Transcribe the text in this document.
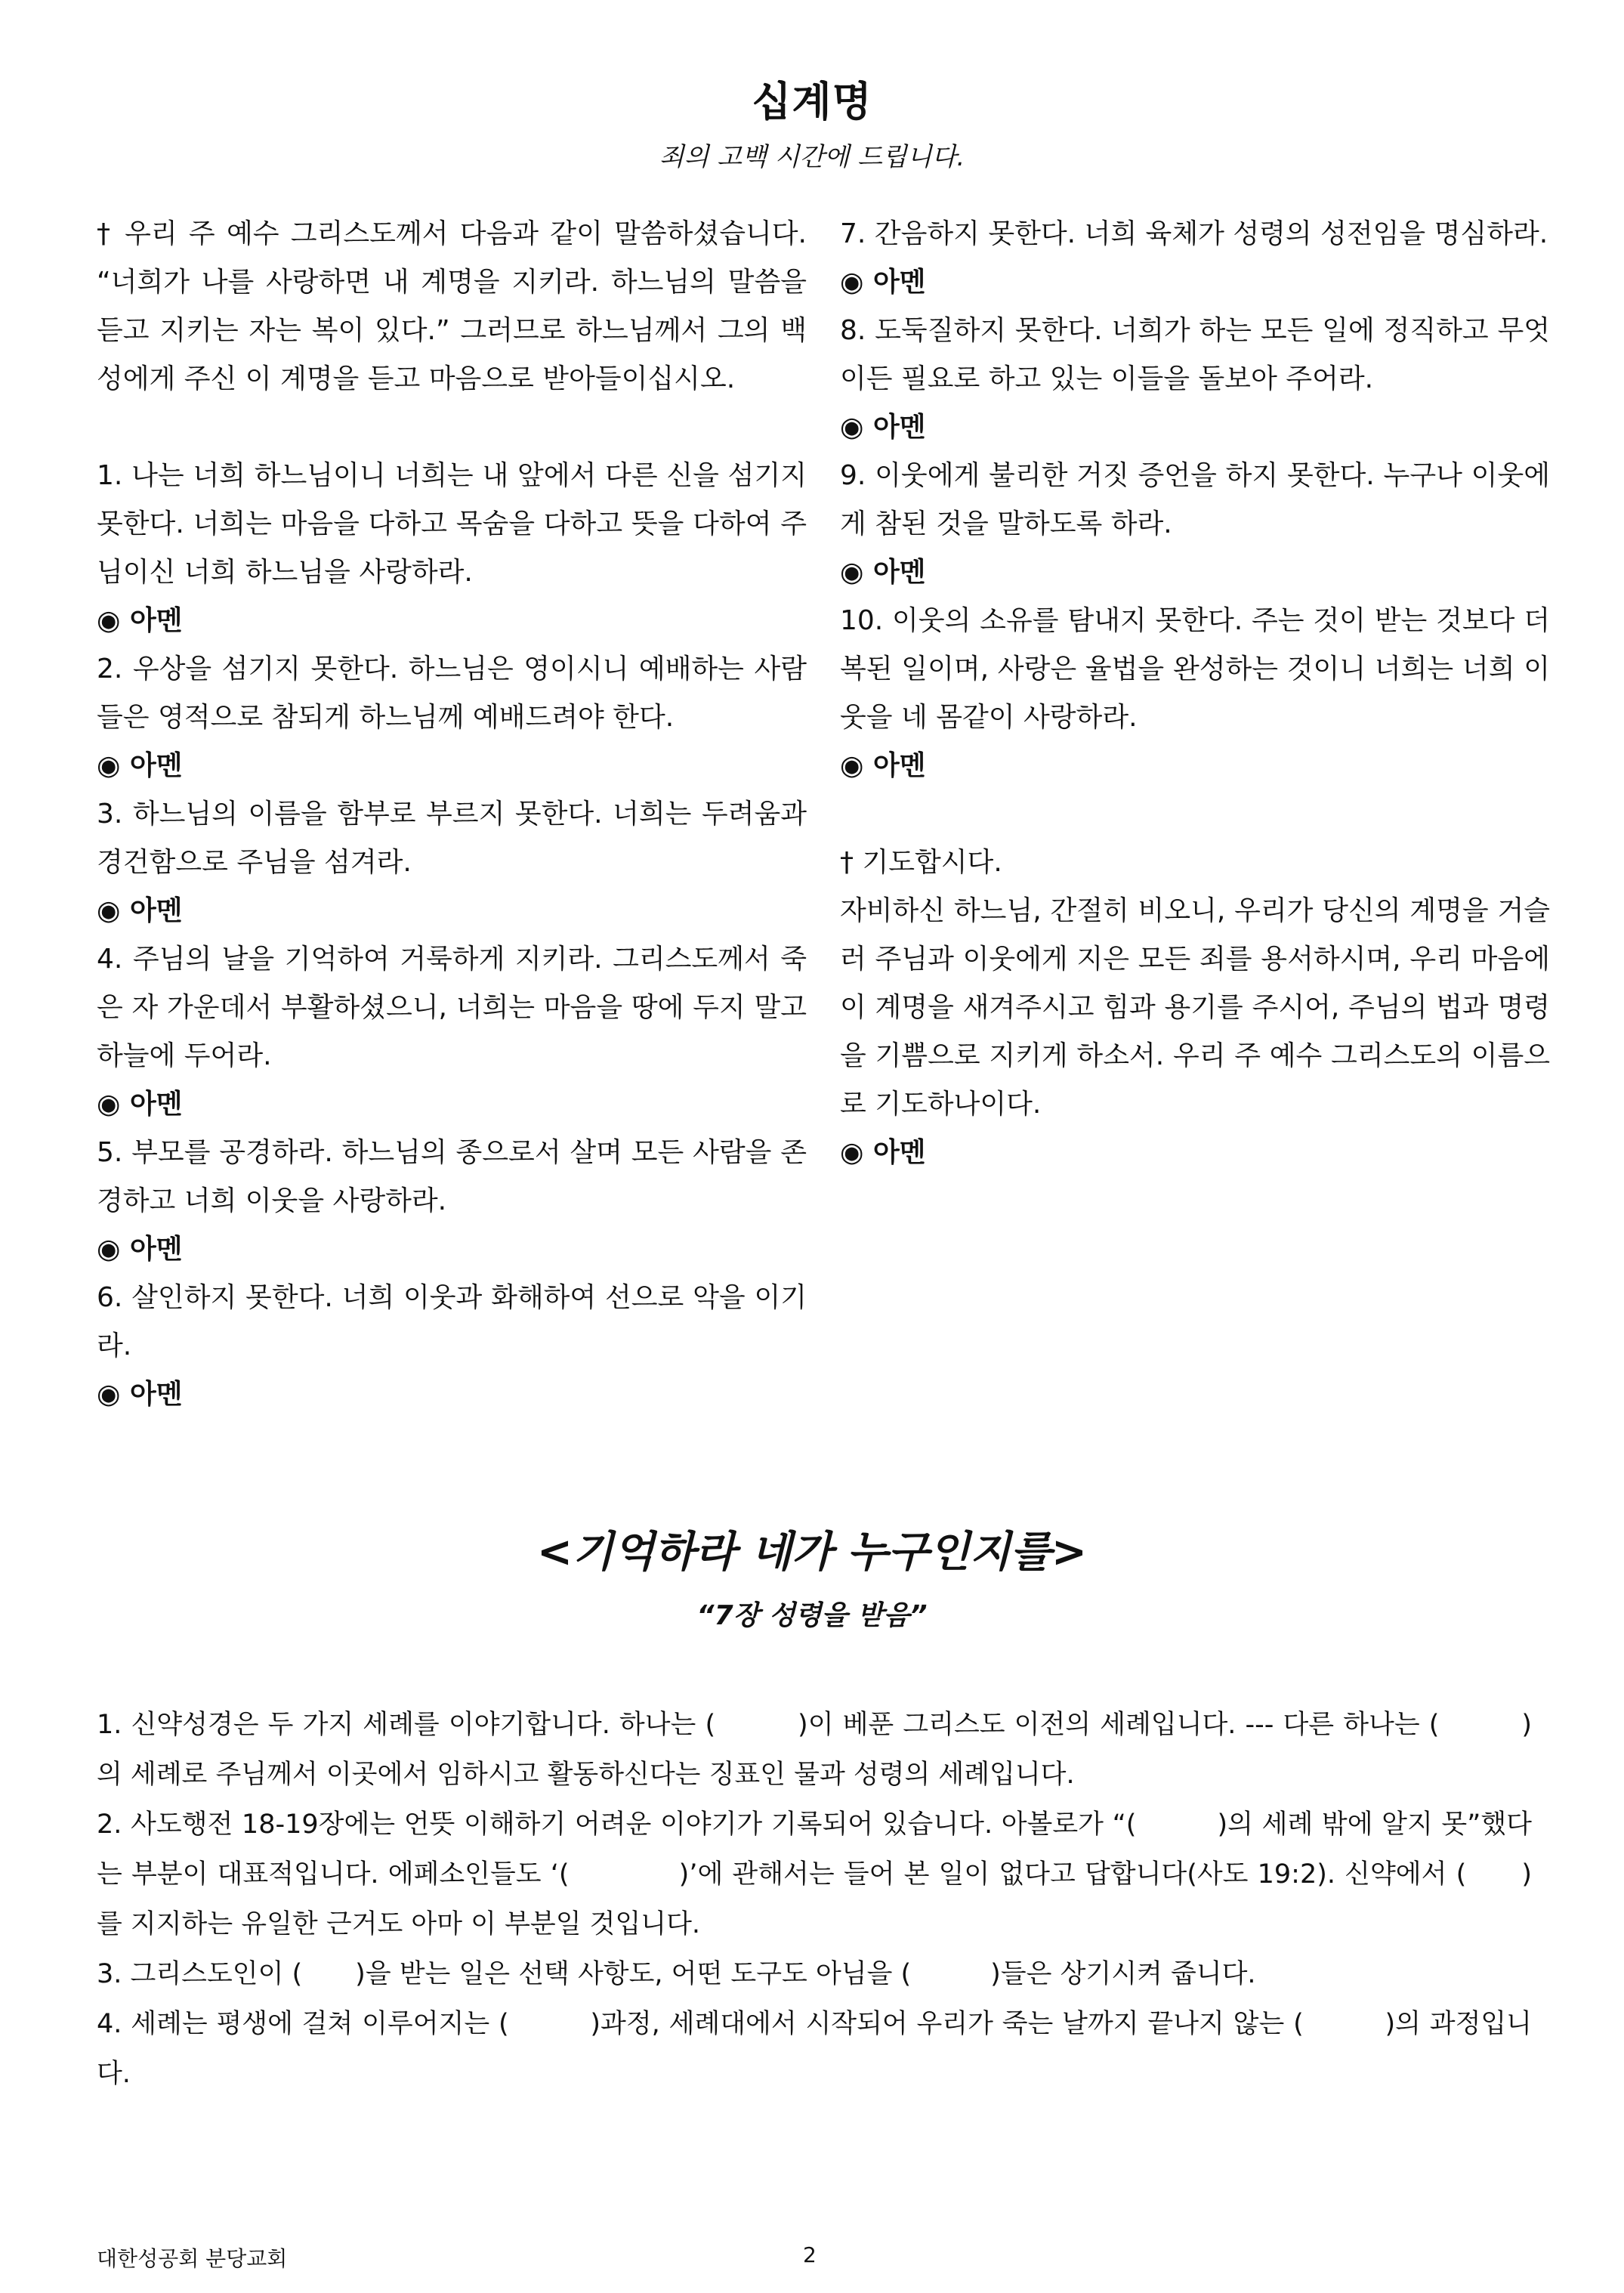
십계명

죄의 고백 시간에 드립니다.

† 우리 주 예수 그리스도께서 다음과 같이 말씀하셨습니다. “너희가 나를 사랑하면 내 계명을 지키라. 하느님의 말씀을 듣고 지키는 자는 복이 있다.” 그러므로 하느님께서 그의 백성에게 주신 이 계명을 듣고 마음으로 받아들이십시오.

1. 나는 너희 하느님이니 너희는 내 앞에서 다른 신을 섬기지 못한다. 너희는 마음을 다하고 목숨을 다하고 뜻을 다하여 주님이신 너희 하느님을 사랑하라.

◉ 아멘

2. 우상을 섬기지 못한다. 하느님은 영이시니 예배하는 사람들은 영적으로 참되게 하느님께 예배드려야 한다.

◉ 아멘

3. 하느님의 이름을 함부로 부르지 못한다. 너희는 두려움과 경건함으로 주님을 섬겨라.

◉ 아멘

4. 주님의 날을 기억하여 거룩하게 지키라. 그리스도께서 죽은 자 가운데서 부활하셨으니, 너희는 마음을 땅에 두지 말고 하늘에 두어라.

◉ 아멘

5. 부모를 공경하라. 하느님의 종으로서 살며 모든 사람을 존경하고 너희 이웃을 사랑하라.

◉ 아멘

6. 살인하지 못한다. 너희 이웃과 화해하여 선으로 악을 이기라.

◉ 아멘

7. 간음하지 못한다. 너희 육체가 성령의 성전임을 명심하라.

◉ 아멘

8. 도둑질하지 못한다. 너희가 하는 모든 일에 정직하고 무엇이든 필요로 하고 있는 이들을 돌보아 주어라.

◉ 아멘

9. 이웃에게 불리한 거짓 증언을 하지 못한다. 누구나 이웃에게 참된 것을 말하도록 하라.

◉ 아멘

10. 이웃의 소유를 탐내지 못한다. 주는 것이 받는 것보다 더 복된 일이며, 사랑은 율법을 완성하는 것이니 너희는 너희 이웃을 네 몸같이 사랑하라.

◉ 아멘

† 기도합시다.

자비하신 하느님, 간절히 비오니, 우리가 당신의 계명을 거슬러 주님과 이웃에게 지은 모든 죄를 용서하시며, 우리 마음에 이 계명을 새겨주시고 힘과 용기를 주시어, 주님의 법과 명령을 기쁨으로 지키게 하소서. 우리 주 예수 그리스도의 이름으로 기도하나이다.

◉ 아멘

<기억하라 네가 누구인지를>

“7장 성령을 받음”

1. 신약성경은 두 가지 세례를 이야기합니다. 하나는 (　　　)이 베푼 그리스도 이전의 세례입니다. --- 다른 하나는 (　　　)의 세례로 주님께서 이곳에서 임하시고 활동하신다는 징표인 물과 성령의 세례입니다.

2. 사도행전 18-19장에는 언뜻 이해하기 어려운 이야기가 기록되어 있습니다. 아볼로가 “(　　　)의 세례 밖에 알지 못”했다는 부분이 대표적입니다. 에페소인들도 ‘(　　　　)’에 관해서는 들어 본 일이 없다고 답합니다(사도 19:2). 신약에서 (　　)를 지지하는 유일한 근거도 아마 이 부분일 것입니다.

3. 그리스도인이 (　　)을 받는 일은 선택 사항도, 어떤 도구도 아님을 (　　　)들은 상기시켜 줍니다.

4. 세례는 평생에 걸쳐 이루어지는 (　　　)과정, 세례대에서 시작되어 우리가 죽는 날까지 끝나지 않는 (　　　)의 과정입니다.

대한성공회 분당교회	2
